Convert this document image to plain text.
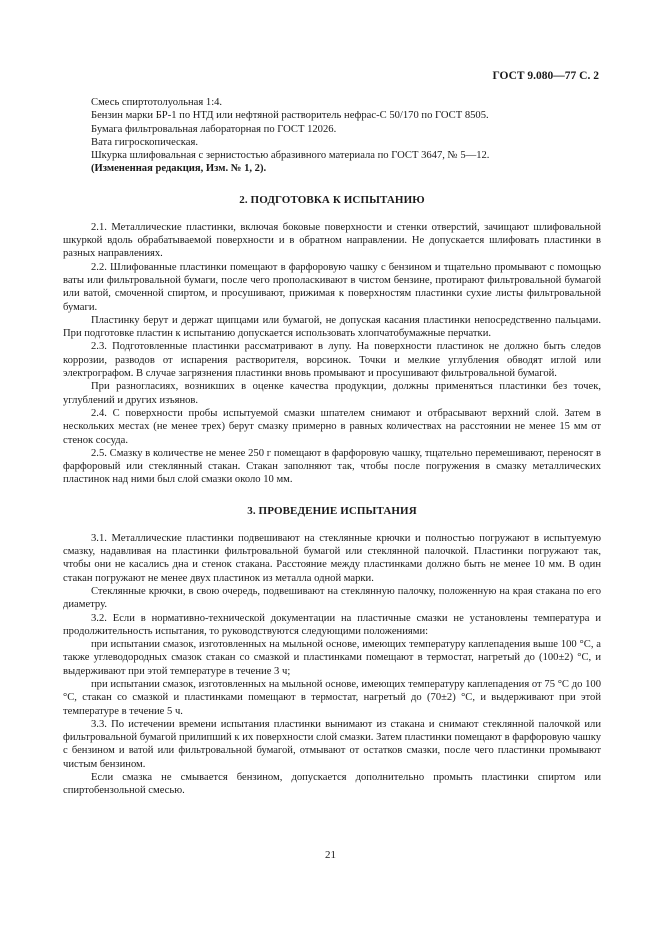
ГОСТ 9.080—77 С. 2
Смесь спиртотолуольная 1:4.
Бензин марки БР-1 по НТД или нефтяной растворитель нефрас-С 50/170 по ГОСТ 8505.
Бумага фильтровальная лабораторная по ГОСТ 12026.
Вата гигроскопическая.
Шкурка шлифовальная с зернистостью абразивного материала по ГОСТ 3647, № 5—12.
(Измененная редакция, Изм. № 1, 2).
2. ПОДГОТОВКА К ИСПЫТАНИЮ

2.1. Металлические пластинки, включая боковые поверхности и стенки отверстий, зачищают шлифовальной шкуркой вдоль обрабатываемой поверхности и в обратном направлении. Не допускается шлифовать пластинки в разных направлениях.

2.2. Шлифованные пластинки помещают в фарфоровую чашку с бензином и тщательно промывают с помощью ваты или фильтровальной бумаги, после чего прополаскивают в чистом бензине, протирают фильтровальной бумагой или ватой, смоченной спиртом, и просушивают, прижимая к поверхностям пластинки сухие листы фильтровальной бумаги.

Пластинку берут и держат щипцами или бумагой, не допуская касания пластинки непосредственно пальцами. При подготовке пластин к испытанию допускается использовать хлопчатобумажные перчатки.

2.3. Подготовленные пластинки рассматривают в лупу. На поверхности пластинок не должно быть следов коррозии, разводов от испарения растворителя, ворсинок. Точки и мелкие углубления обводят иглой или электрографом. В случае загрязнения пластинки вновь промывают и просушивают фильтровальной бумагой.

При разногласиях, возникших в оценке качества продукции, должны применяться пластинки без точек, углублений и других изъянов.

2.4. С поверхности пробы испытуемой смазки шпателем снимают и отбрасывают верхний слой. Затем в нескольких местах (не менее трех) берут смазку примерно в равных количествах на расстоянии не менее 15 мм от стенок сосуда.

2.5. Смазку в количестве не менее 250 г помещают в фарфоровую чашку, тщательно перемешивают, переносят в фарфоровый или стеклянный стакан. Стакан заполняют так, чтобы после погружения в смазку металлических пластинок над ними был слой смазки около 10 мм.

3. ПРОВЕДЕНИЕ ИСПЫТАНИЯ

3.1. Металлические пластинки подвешивают на стеклянные крючки и полностью погружают в испытуемую смазку, надавливая на пластинки фильтровальной бумагой или стеклянной палочкой. Пластинки погружают так, чтобы они не касались дна и стенок стакана. Расстояние между пластинками должно быть не менее 10 мм. В один стакан погружают не менее двух пластинок из металла одной марки.

Стеклянные крючки, в свою очередь, подвешивают на стеклянную палочку, положенную на края стакана по его диаметру.

3.2. Если в нормативно-технической документации на пластичные смазки не установлены температура и продолжительность испытания, то руководствуются следующими положениями:

при испытании смазок, изготовленных на мыльной основе, имеющих температуру каплепадения выше 100 °С, а также углеводородных смазок стакан со смазкой и пластинками помещают в термостат, нагретый до (100±2) °С, и выдерживают при этой температуре в течение 3 ч;

при испытании смазок, изготовленных на мыльной основе, имеющих температуру каплепадения от 75 °С до 100 °С, стакан со смазкой и пластинками помещают в термостат, нагретый до (70±2) °С, и выдерживают при этой температуре в течение 5 ч.

3.3. По истечении времени испытания пластинки вынимают из стакана и снимают стеклянной палочкой или фильтровальной бумагой прилипший к их поверхности слой смазки. Затем пластинки помещают в фарфоровую чашку с бензином и ватой или фильтровальной бумагой, отмывают от остатков смазки, после чего пластинки промывают чистым бензином.

Если смазка не смывается бензином, допускается дополнительно промыть пластинки спиртом или спиртобензольной смесью.

21
